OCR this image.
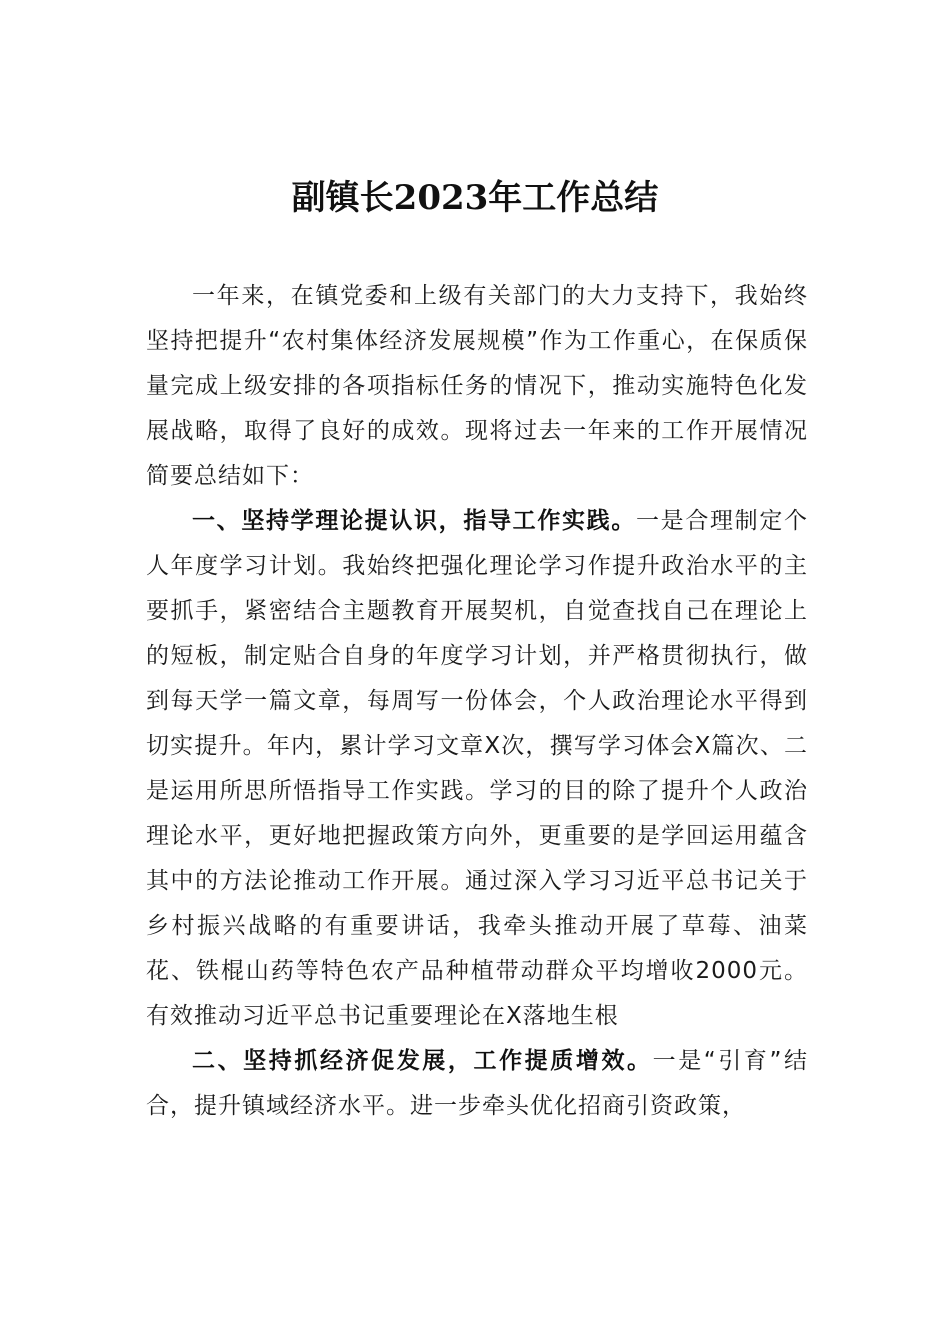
副镇长2023年工作总结

一年来，在镇党委和上级有关部门的大力支持下，我始终坚持把提升“农村集体经济发展规模”作为工作重心，在保质保量完成上级安排的各项指标任务的情况下，推动实施特色化发展战略，取得了良好的成效。现将过去一年来的工作开展情况简要总结如下：

一、坚持学理论提认识，指导工作实践。一是合理制定个人年度学习计划。我始终把强化理论学习作提升政治水平的主要抓手，紧密结合主题教育开展契机，自觉查找自己在理论上的短板，制定贴合自身的年度学习计划，并严格贯彻执行，做到每天学一篇文章，每周写一份体会，个人政治理论水平得到切实提升。年内，累计学习文章X次，撰写学习体会X篇次、二是运用所思所悟指导工作实践。学习的目的除了提升个人政治理论水平，更好地把握政策方向外，更重要的是学回运用蕴含其中的方法论推动工作开展。通过深入学习习近平总书记关于乡村振兴战略的有重要讲话，我牵头推动开展了草莓、油菜花、铁棍山药等特色农产品种植带动群众平均增收2000元。有效推动习近平总书记重要理论在X落地生根

二、坚持抓经济促发展，工作提质增效。一是“引育”结合，提升镇域经济水平。进一步牵头优化招商引资政策，
